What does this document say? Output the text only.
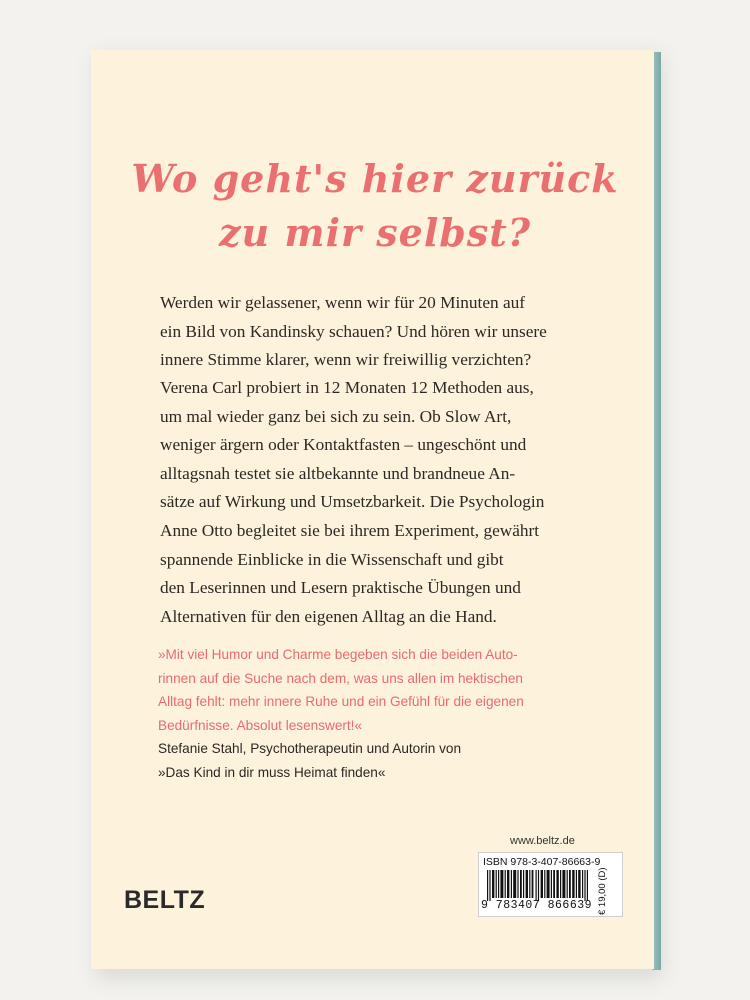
Wo geht's hier zurück
zu mir selbst?

Werden wir gelassener, wenn wir für 20 Minuten auf
ein Bild von Kandinsky schauen? Und hören wir unsere
innere Stimme klarer, wenn wir freiwillig verzichten?

Verena Carl probiert in 12 Monaten 12 Methoden aus,
um mal wieder ganz bei sich zu sein. Ob Slow Art,
weniger ärgern oder Kontaktfasten – ungeschönt und
alltagsnah testet sie altbekannte und brandneue An-
sätze auf Wirkung und Umsetzbarkeit. Die Psychologin
Anne Otto begleitet sie bei ihrem Experiment, gewährt
spannende Einblicke in die Wissenschaft und gibt
den Leserinnen und Lesern praktische Übungen und
Alternativen für den eigenen Alltag an die Hand.

»Mit viel Humor und Charme begeben sich die beiden Auto-
rinnen auf die Suche nach dem, was uns allen im hektischen
Alltag fehlt: mehr innere Ruhe und ein Gefühl für die eigenen
Bedürfnisse. Absolut lesenswert!«

Stefanie Stahl, Psychotherapeutin und Autorin von
»Das Kind in dir muss Heimat finden«

BELTZ
www.beltz.de
ISBN 978-3-407-86663-9
9 783407 866639 € 19,00 (D)
